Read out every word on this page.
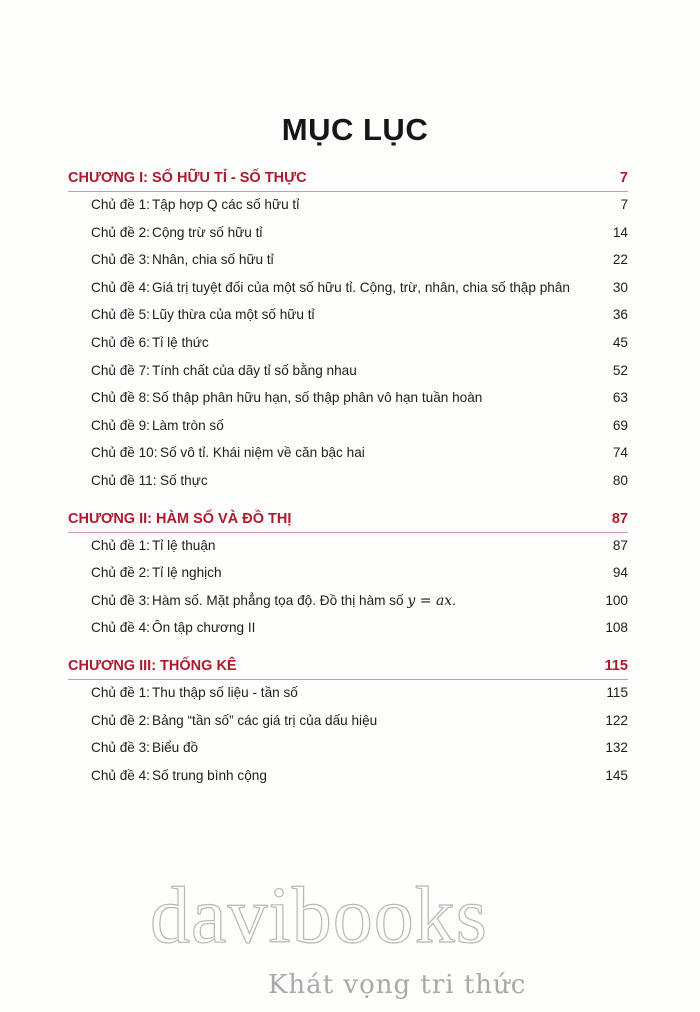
MỤC LỤC
CHƯƠNG I: SỐ HỮU TỈ - SỐ THỰC	7
Chủ đề 1: Tập hợp Q các số hữu tỉ	7
Chủ đề 2: Cộng trừ số hữu tỉ	14
Chủ đề 3: Nhân, chia số hữu tỉ	22
Chủ đề 4: Giá trị tuyệt đối của một số hữu tỉ. Cộng, trừ, nhân, chia số thập phân	30
Chủ đề 5: Lũy thừa của một số hữu tỉ	36
Chủ đề 6: Tỉ lệ thức	45
Chủ đề 7: Tính chất của dãy tỉ số bằng nhau	52
Chủ đề 8: Số thập phân hữu hạn, số thập phân vô hạn tuần hoàn	63
Chủ đề 9: Làm tròn số	69
Chủ đề 10: Số vô tỉ. Khái niệm về căn bậc hai	74
Chủ đề 11: Số thực	80
CHƯƠNG II: HÀM SỐ VÀ ĐỒ THỊ	87
Chủ đề 1: Tỉ lệ thuận	87
Chủ đề 2: Tỉ lệ nghịch	94
Chủ đề 3: Hàm số. Mặt phẳng tọa độ. Đồ thị hàm số y = ax.	100
Chủ đề 4: Ôn tập chương II	108
CHƯƠNG III: THỐNG KÊ	115
Chủ đề 1: Thu thập số liệu - tần số	115
Chủ đề 2: Bảng “tần số” các giá trị của dấu hiệu	122
Chủ đề 3: Biểu đồ	132
Chủ đề 4: Số trung bình cộng	145
davibooks
Khát vọng tri thức
